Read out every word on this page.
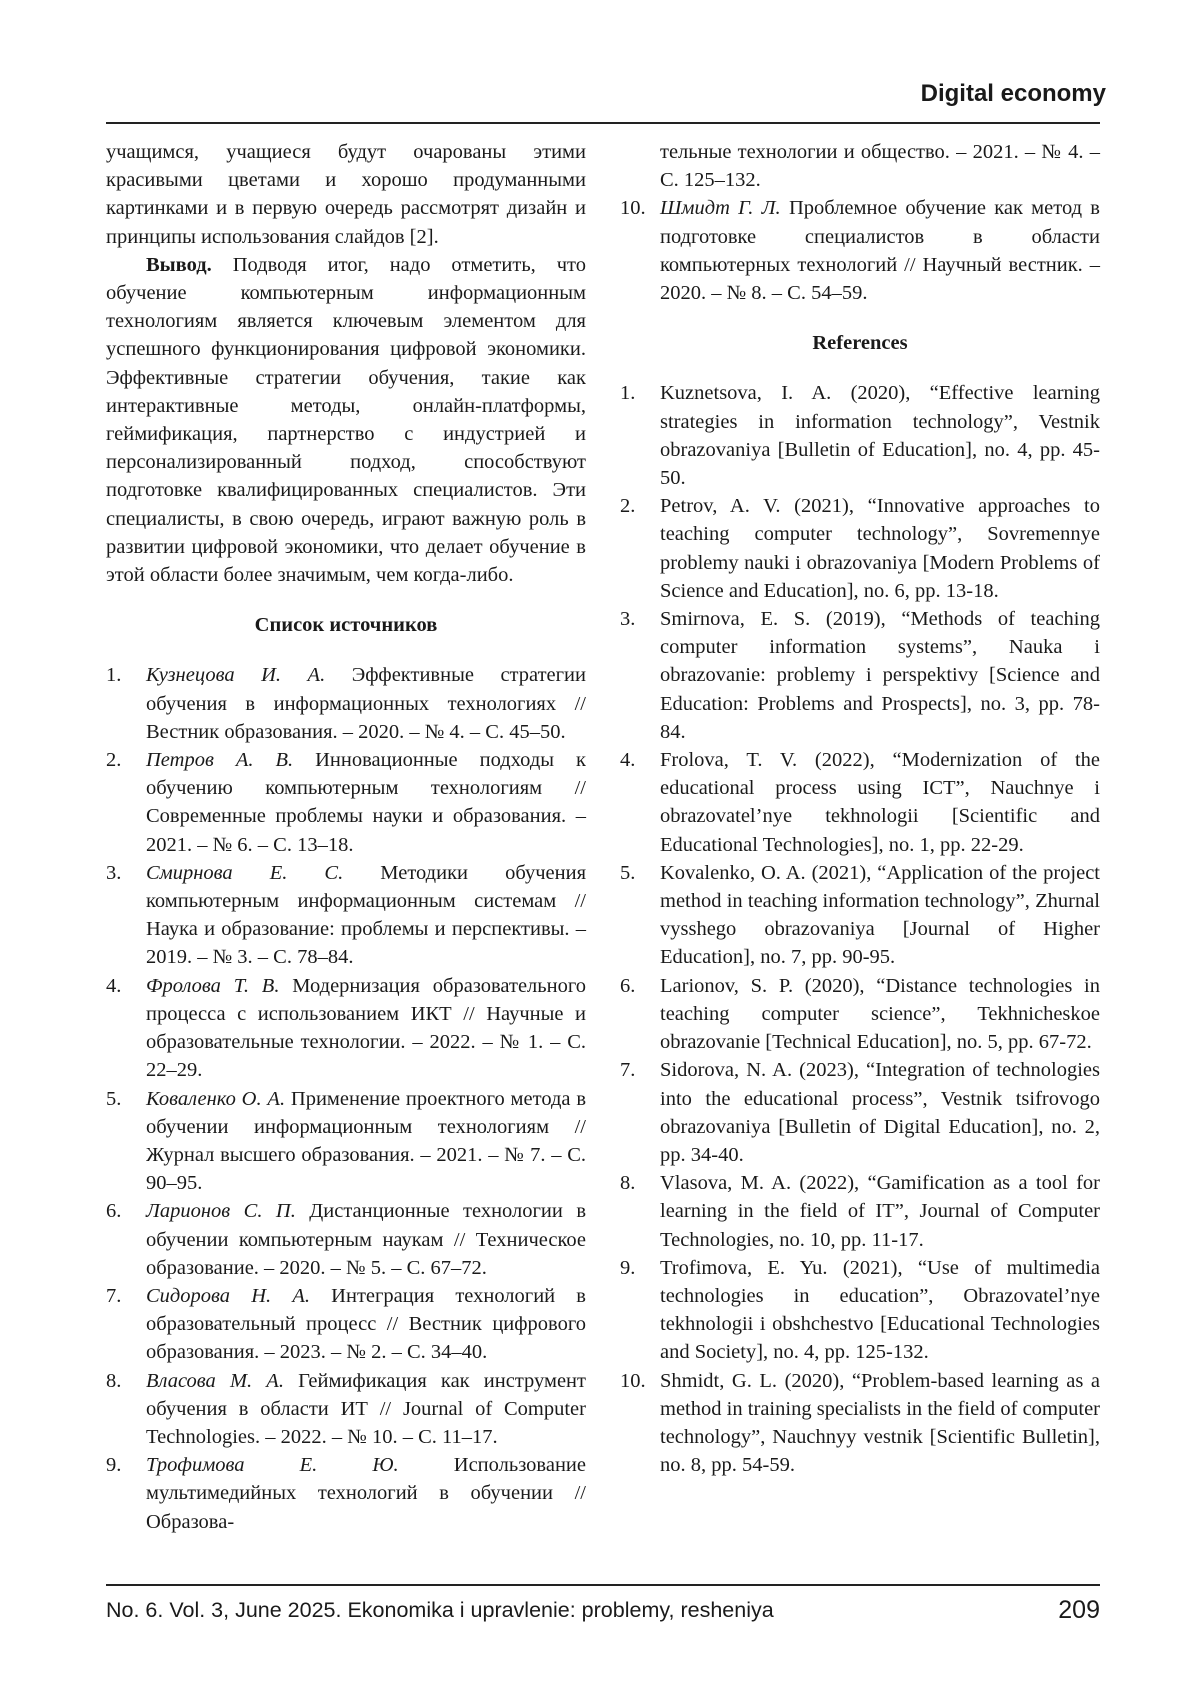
Digital economy

учащимся, учащиеся будут очарованы этими красивыми цветами и хорошо продуманными картинками и в первую очередь рассмотрят дизайн и принципы использования слайдов [2].

Вывод. Подводя итог, надо отметить, что обучение компьютерным информационным технологиям является ключевым элементом для успешного функционирования цифровой экономики. Эффективные стратегии обучения, такие как интерактивные методы, онлайн-платформы, геймификация, партнерство с индустрией и персонализированный подход, способствуют подготовке квалифицированных специалистов. Эти специалисты, в свою очередь, играют важную роль в развитии цифровой экономики, что делает обучение в этой области более значимым, чем когда-либо.

Список источников

1.	Кузнецова И. А. Эффективные стратегии обучения в информационных технологиях // Вестник образования. – 2020. – № 4. – С. 45–50.
2.	Петров А. В. Инновационные подходы к обучению компьютерным технологиям // Современные проблемы науки и образования. – 2021. – № 6. – С. 13–18.
3.	Смирнова Е. С. Методики обучения компьютерным информационным системам // Наука и образование: проблемы и перспективы. – 2019. – № 3. – С. 78–84.
4.	Фролова Т. В. Модернизация образовательного процесса с использованием ИКТ // Научные и образовательные технологии. – 2022. – № 1. – С. 22–29.
5.	Коваленко О. А. Применение проектного метода в обучении информационным технологиям // Журнал высшего образования. – 2021. – № 7. – С. 90–95.
6.	Ларионов С. П. Дистанционные технологии в обучении компьютерным наукам // Техническое образование. – 2020. – № 5. – С. 67–72.
7.	Сидорова Н. А. Интеграция технологий в образовательный процесс // Вестник цифрового образования. – 2023. – № 2. – С. 34–40.
8.	Власова М. А. Геймификация как инструмент обучения в области ИТ // Journal of Computer Technologies. – 2022. – № 10. – С. 11–17.
9.	Трофимова Е. Ю. Использование мультимедийных технологий в обучении // Образова-
тельные технологии и общество. – 2021. – № 4. – С. 125–132.
10. Шмидт Г. Л. Проблемное обучение как метод в подготовке специалистов в области компьютерных технологий // Научный вестник. – 2020. – № 8. – С. 54–59.

References

1.	Kuznetsova, I. A. (2020), “Effective learning strategies in information technology”, Vestnik obrazovaniya [Bulletin of Education], no. 4, pp. 45-50.
2.	Petrov, A. V. (2021), “Innovative approaches to teaching computer technology”, Sovremennye problemy nauki i obrazovaniya [Modern Problems of Science and Education], no. 6, pp. 13-18.
3.	Smirnova, E. S. (2019), “Methods of teaching computer information systems”, Nauka i obrazovanie: problemy i perspektivy [Science and Education: Problems and Prospects], no. 3, pp. 78-84.
4.	Frolova, T. V. (2022), “Modernization of the educational process using ICT”, Nauchnye i obrazovatel’nye tekhnologii [Scientific and Educational Technologies], no. 1, pp. 22-29.
5.	Kovalenko, O. A. (2021), “Application of the project method in teaching information technology”, Zhurnal vysshego obrazovaniya [Journal of Higher Education], no. 7, pp. 90-95.
6.	Larionov, S. P. (2020), “Distance technologies in teaching computer science”, Tekhnicheskoe obrazovanie [Technical Education], no. 5, pp. 67-72.
7.	Sidorova, N. A. (2023), “Integration of technologies into the educational process”, Vestnik tsifrovogo obrazovaniya [Bulletin of Digital Education], no. 2, pp. 34-40.
8.	Vlasova, M. A. (2022), “Gamification as a tool for learning in the field of IT”, Journal of Computer Technologies, no. 10, pp. 11-17.
9.	Trofimova, E. Yu. (2021), “Use of multimedia technologies in education”, Obrazovatel’nye tekhnologii i obshchestvo [Educational Technologies and Society], no. 4, pp. 125-132.
10. Shmidt, G. L. (2020), “Problem-based learning as a method in training specialists in the field of computer technology”, Nauchnyy vestnik [Scientific Bulletin], no. 8, pp. 54-59.
No. 6. Vol. 3, June 2025. Ekonomika i upravlenie: problemy, resheniya	209
